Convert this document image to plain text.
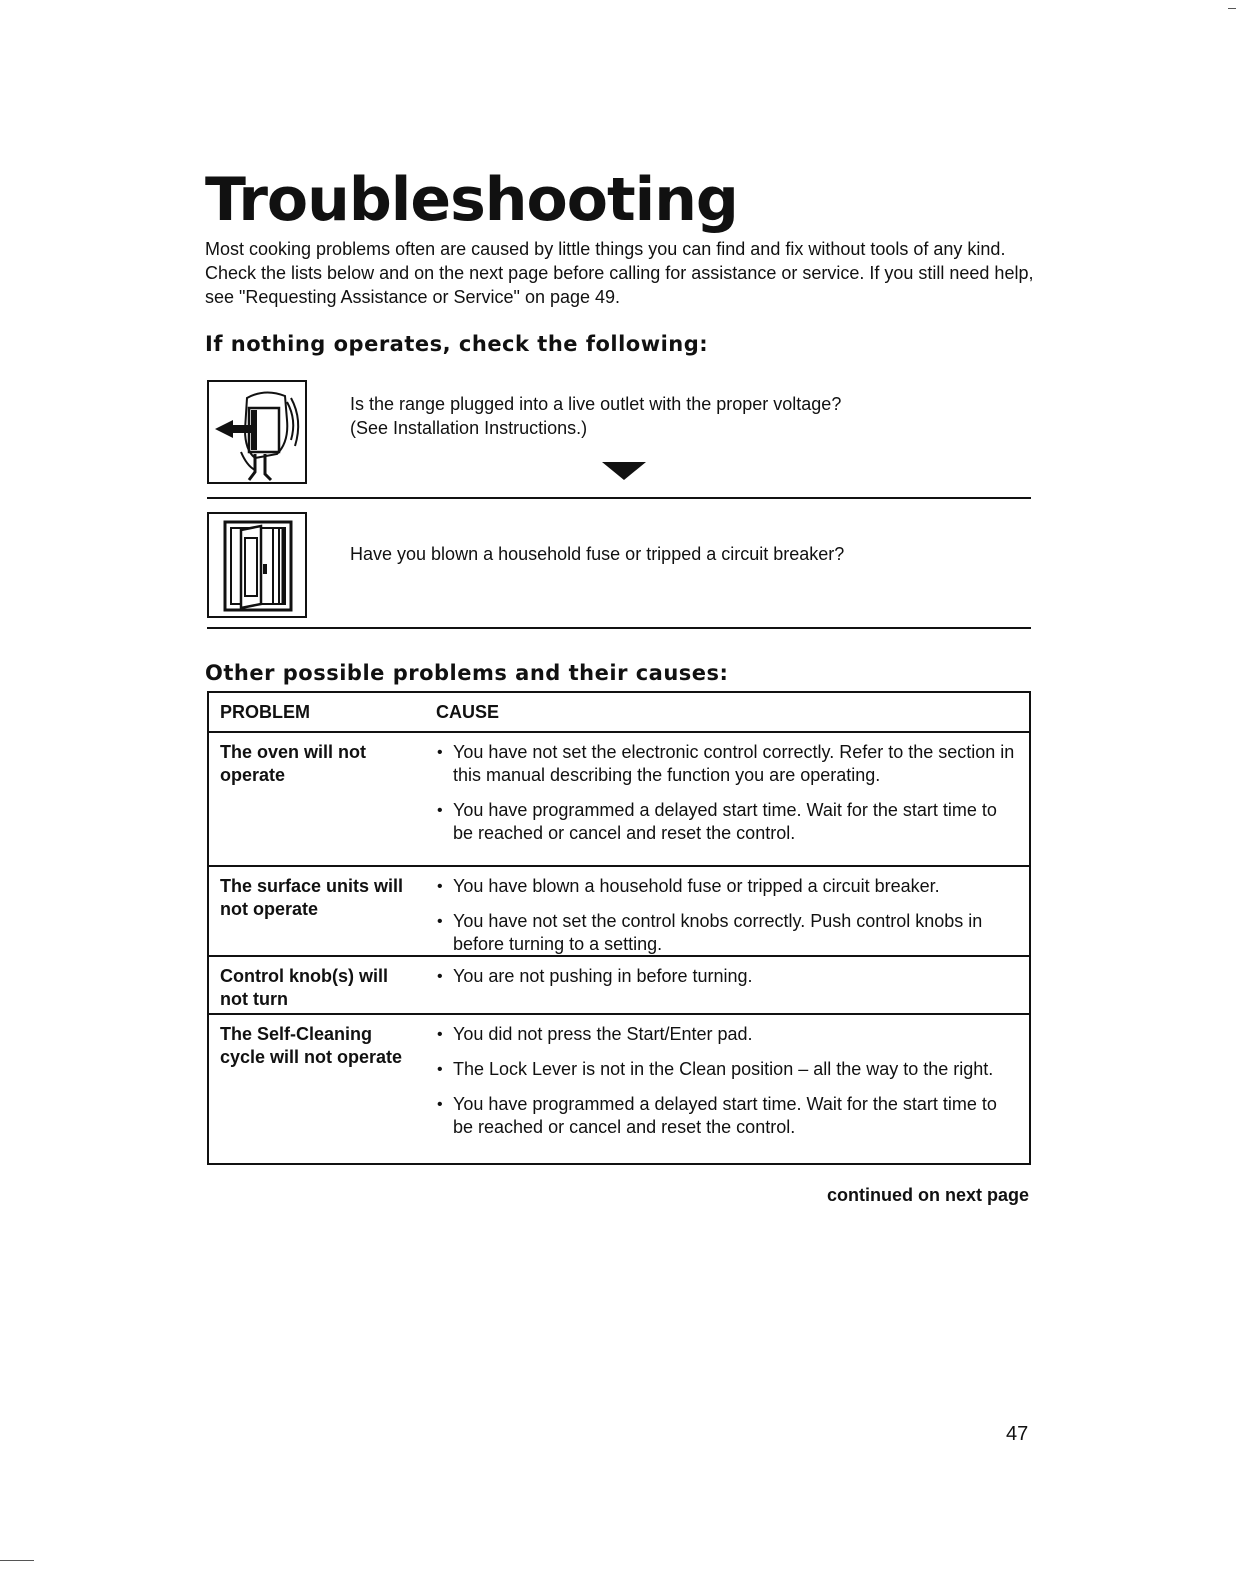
Troubleshooting

Most cooking problems often are caused by little things you can find and fix without tools of any kind. Check the lists below and on the next page before calling for assistance or service. If you still need help, see "Requesting Assistance or Service" on page 49.

If nothing operates, check the following:

Is the range plugged into a live outlet with the proper voltage?
(See Installation Instructions.)

Have you blown a household fuse or tripped a circuit breaker?

Other possible problems and their causes:
PROBLEM	CAUSE

The oven will not operate

• You have not set the electronic control correctly. Refer to the section in this manual describing the function you are operating.
• You have programmed a delayed start time. Wait for the start time to be reached or cancel and reset the control.

The surface units will not operate

• You have blown a household fuse or tripped a circuit breaker.
• You have not set the control knobs correctly. Push control knobs in before turning to a setting.

Control knob(s) will not turn

• You are not pushing in before turning.

The Self-Cleaning cycle will not operate

• You did not press the Start/Enter pad.
• The Lock Lever is not in the Clean position – all the way to the right.
• You have programmed a delayed start time. Wait for the start time to be reached or cancel and reset the control.

continued on next page

47
